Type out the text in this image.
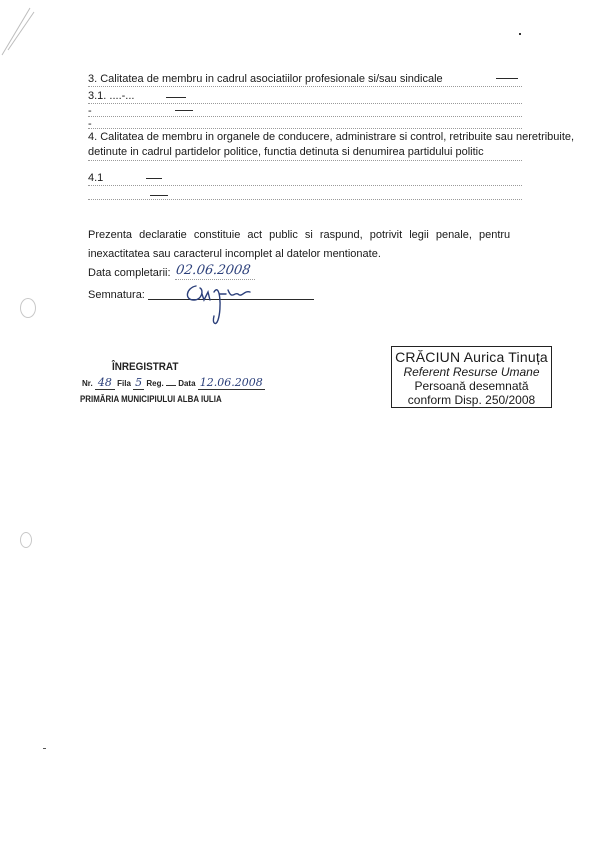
3. Calitatea de membru in cadrul asociatiilor profesionale si/sau sindicale
3.1. ....-...
-
-
4. Calitatea de membru in organele de conducere, administrare si control, retribuite sau neretribuite,
detinute in cadrul partidelor politice, functia detinuta si denumirea partidului politic
4.1
Prezenta declaratie constituie act public si raspund, potrivit legii penale, pentru
inexactitatea sau caracterul incomplet al datelor mentionate.
Data completarii: 02.06.2008
Semnatura:
ÎNREGISTRAT
Nr. 48 Fila 5 Reg. Data 12.06.2008
PRIMĂRIA MUNICIPIULUI ALBA IULIA
CRĂCIUN Aurica Tinuța
Referent Resurse Umane
Persoană desemnată
conform Disp. 250/2008
